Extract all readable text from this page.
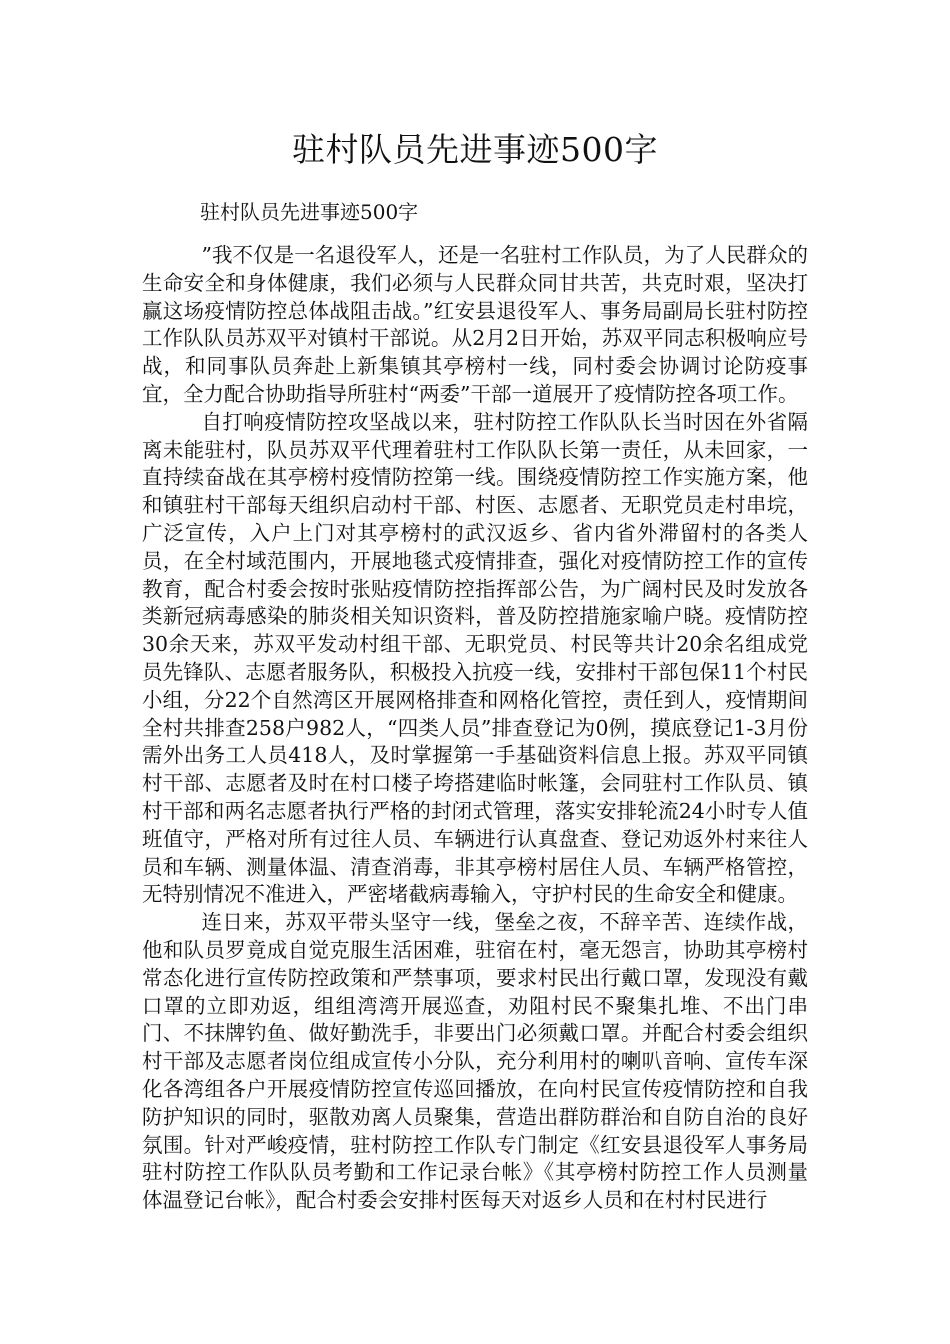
驻村队员先进事迹500字
驻村队员先进事迹500字

”我不仅是一名退役军人，还是一名驻村工作队员，为了人民群众的生命安全和身体健康，我们必须与人民群众同甘共苦，共克时艰，坚决打赢这场疫情防控总体战阻击战。”红安县退役军人、事务局副局长驻村防控工作队队员苏双平对镇村干部说。从2月2日开始，苏双平同志积极响应号战，和同事队员奔赴上新集镇其亭榜村一线，同村委会协调讨论防疫事宜，全力配合协助指导所驻村“两委”干部一道展开了疫情防控各项工作。

自打响疫情防控攻坚战以来，驻村防控工作队队长当时因在外省隔离未能驻村，队员苏双平代理着驻村工作队队长第一责任，从未回家，一直持续奋战在其亭榜村疫情防控第一线。围绕疫情防控工作实施方案，他和镇驻村干部每天组织启动村干部、村医、志愿者、无职党员走村串垸，广泛宣传，入户上门对其亭榜村的武汉返乡、省内省外滞留村的各类人员，在全村域范围内，开展地毯式疫情排查，强化对疫情防控工作的宣传教育，配合村委会按时张贴疫情防控指挥部公告，为广阔村民及时发放各类新冠病毒感染的肺炎相关知识资料，普及防控措施家喻户晓。疫情防控30余天来，苏双平发动村组干部、无职党员、村民等共计20余名组成党员先锋队、志愿者服务队，积极投入抗疫一线，安排村干部包保11个村民小组，分22个自然湾区开展网格排查和网格化管控，责任到人，疫情期间全村共排查258户982人，“四类人员”排查登记为0例，摸底登记1-3月份需外出务工人员418人，及时掌握第一手基础资料信息上报。苏双平同镇村干部、志愿者及时在村口楼子垮搭建临时帐篷，会同驻村工作队员、镇村干部和两名志愿者执行严格的封闭式管理，落实安排轮流24小时专人值班值守，严格对所有过往人员、车辆进行认真盘查、登记劝返外村来往人员和车辆、测量体温、清查消毒，非其亭榜村居住人员、车辆严格管控，无特别情况不准进入，严密堵截病毒输入，守护村民的生命安全和健康。

连日来，苏双平带头坚守一线，堡垒之夜，不辞辛苦、连续作战，他和队员罗竟成自觉克服生活困难，驻宿在村，毫无怨言，协助其亭榜村常态化进行宣传防控政策和严禁事项，要求村民出行戴口罩，发现没有戴口罩的立即劝返，组组湾湾开展巡查，劝阻村民不聚集扎堆、不出门串门、不抹牌钓鱼、做好勤洗手，非要出门必须戴口罩。并配合村委会组织村干部及志愿者岗位组成宣传小分队，充分利用村的喇叭音响、宣传车深化各湾组各户开展疫情防控宣传巡回播放，在向村民宣传疫情防控和自我防护知识的同时，驱散劝离人员聚集，营造出群防群治和自防自治的良好氛围。针对严峻疫情，驻村防控工作队专门制定《红安县退役军人事务局驻村防控工作队队员考勤和工作记录台帐》《其亭榜村防控工作人员测量体温登记台帐》，配合村委会安排村医每天对返乡人员和在村村民进行
